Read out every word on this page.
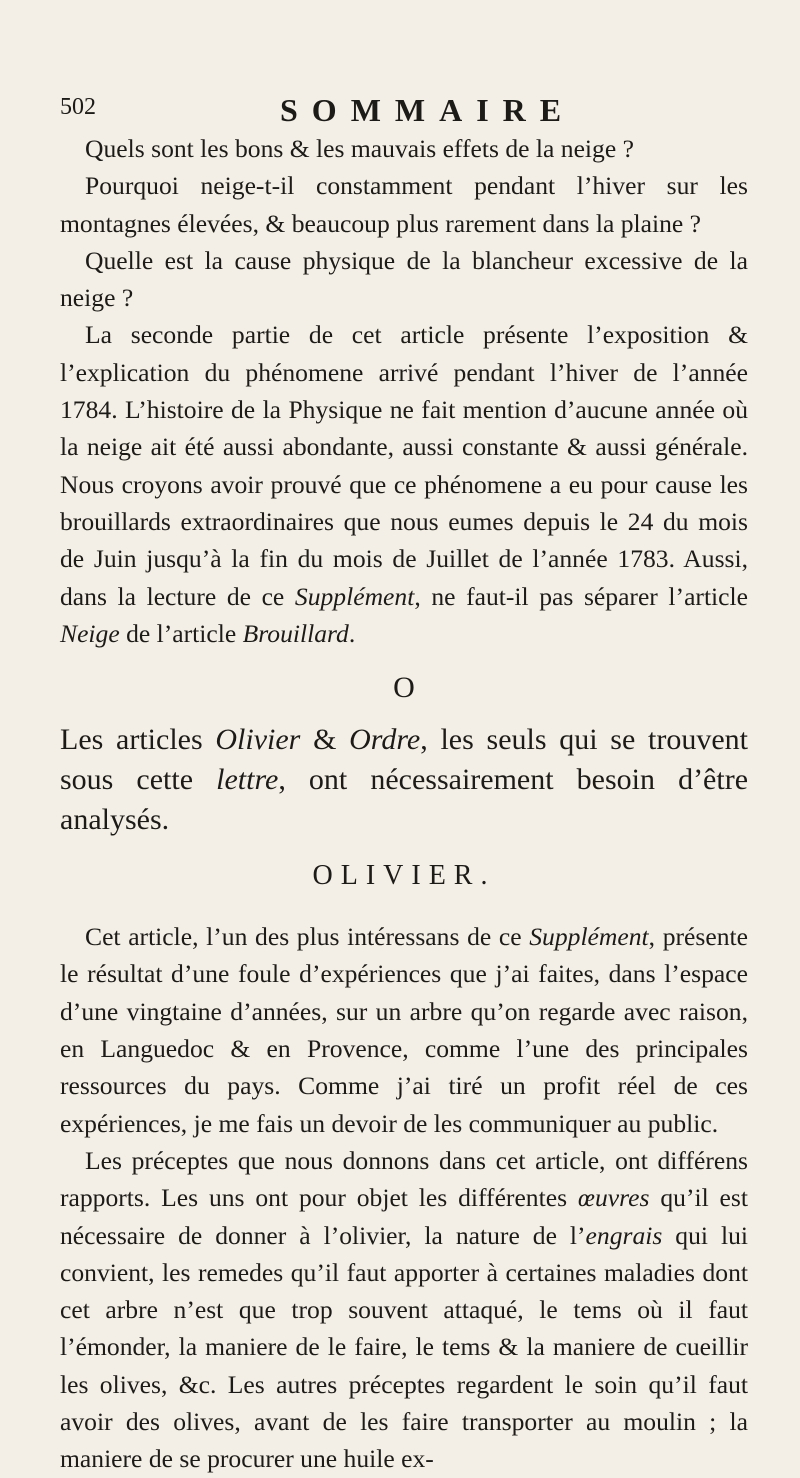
502	SOMMAIRE

Quels sont les bons & les mauvais effets de la neige ?

Pourquoi neige-t-il constamment pendant l’hiver sur les montagnes élevées, & beaucoup plus rarement dans la plaine ?

Quelle est la cause physique de la blancheur excessive de la neige ?

La seconde partie de cet article présente l’exposition & l’explication du phénomene arrivé pendant l’hiver de l’année 1784. L’histoire de la Physique ne fait mention d’aucune année où la neige ait été aussi abondante, aussi constante & aussi générale. Nous croyons avoir prouvé que ce phénomene a eu pour cause les brouillards extraordinaires que nous eumes depuis le 24 du mois de Juin jusqu’à la fin du mois de Juillet de l’année 1783. Aussi, dans la lecture de ce Supplément, ne faut-il pas séparer l’article Neige de l’article Brouillard.

O

Les articles Olivier & Ordre, les seuls qui se trouvent sous cette lettre, ont nécessairement besoin d’être analysés.

OLIVIER.

Cet article, l’un des plus intéressans de ce Supplément, présente le résultat d’une foule d’expériences que j’ai faites, dans l’espace d’une vingtaine d’années, sur un arbre qu’on regarde avec raison, en Languedoc & en Provence, comme l’une des principales ressources du pays. Comme j’ai tiré un profit réel de ces expériences, je me fais un devoir de les communiquer au public.

Les préceptes que nous donnons dans cet article, ont différens rapports. Les uns ont pour objet les différentes œuvres qu’il est nécessaire de donner à l’olivier, la nature de l’engrais qui lui convient, les remedes qu’il faut apporter à certaines maladies dont cet arbre n’est que trop souvent attaqué, le tems où il faut l’émonder, la maniere de le faire, le tems & la maniere de cueillir les olives, &c. Les autres préceptes regardent le soin qu’il faut avoir des olives, avant de les faire transporter au moulin ; la maniere de se procurer une huile ex-
